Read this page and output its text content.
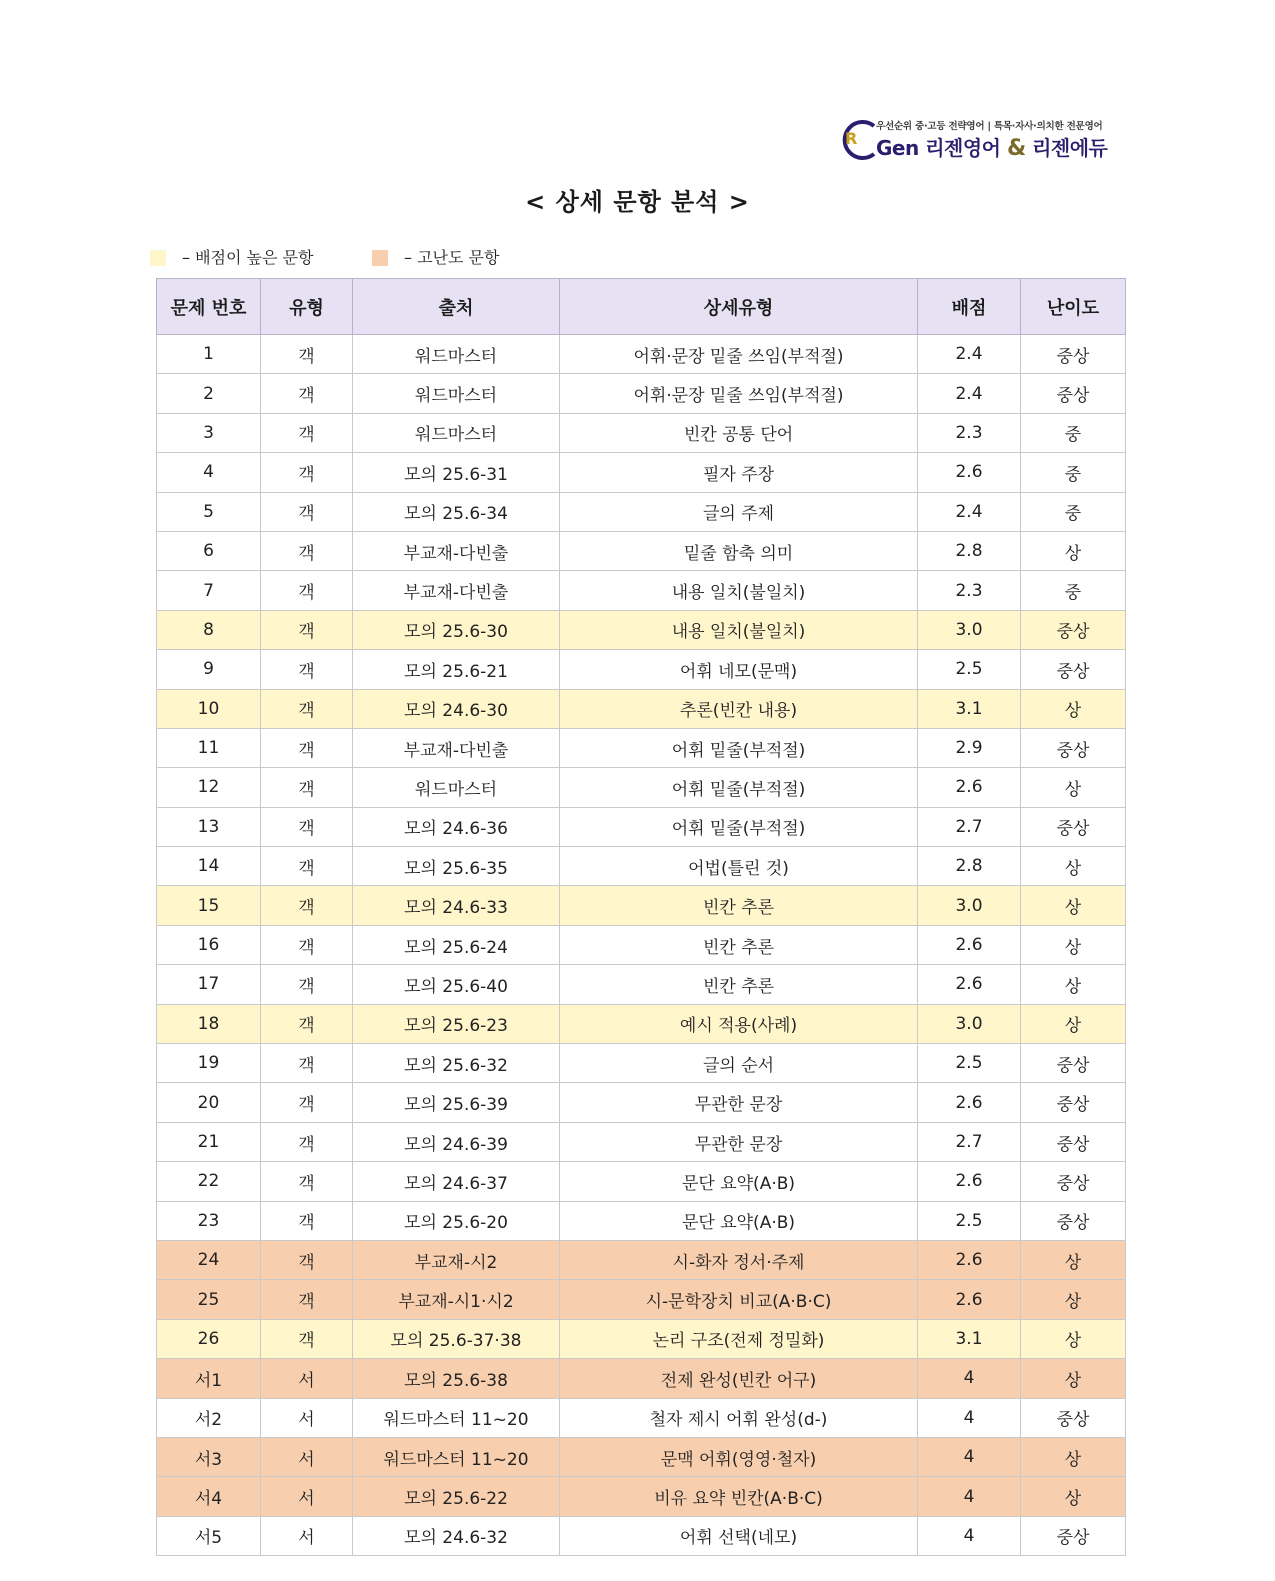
R
우선순위 중·고등 전략영어 | 특목·자사·의치한 전문영어
Gen 리젠영어 & 리젠에듀
< 상세 문항 분석 >
– 배점이 높은 문항	– 고난도 문항
문제 번호	유형	출처	상세유형	배점	난이도
1	객	워드마스터	어휘·문장 밑줄 쓰임(부적절)	2.4	중상
2	객	워드마스터	어휘·문장 밑줄 쓰임(부적절)	2.4	중상
3	객	워드마스터	빈칸 공통 단어	2.3	중
4	객	모의 25.6-31	필자 주장	2.6	중
5	객	모의 25.6-34	글의 주제	2.4	중
6	객	부교재-다빈출	밑줄 함축 의미	2.8	상
7	객	부교재-다빈출	내용 일치(불일치)	2.3	중
8	객	모의 25.6-30	내용 일치(불일치)	3.0	중상
9	객	모의 25.6-21	어휘 네모(문맥)	2.5	중상
10	객	모의 24.6-30	추론(빈칸 내용)	3.1	상
11	객	부교재-다빈출	어휘 밑줄(부적절)	2.9	중상
12	객	워드마스터	어휘 밑줄(부적절)	2.6	상
13	객	모의 24.6-36	어휘 밑줄(부적절)	2.7	중상
14	객	모의 25.6-35	어법(틀린 것)	2.8	상
15	객	모의 24.6-33	빈칸 추론	3.0	상
16	객	모의 25.6-24	빈칸 추론	2.6	상
17	객	모의 25.6-40	빈칸 추론	2.6	상
18	객	모의 25.6-23	예시 적용(사례)	3.0	상
19	객	모의 25.6-32	글의 순서	2.5	중상
20	객	모의 25.6-39	무관한 문장	2.6	중상
21	객	모의 24.6-39	무관한 문장	2.7	중상
22	객	모의 24.6-37	문단 요약(A·B)	2.6	중상
23	객	모의 25.6-20	문단 요약(A·B)	2.5	중상
24	객	부교재-시2	시-화자 정서·주제	2.6	상
25	객	부교재-시1·시2	시-문학장치 비교(A·B·C)	2.6	상
26	객	모의 25.6-37·38	논리 구조(전제 정밀화)	3.1	상
서1	서	모의 25.6-38	전제 완성(빈칸 어구)	4	상
서2	서	워드마스터 11~20	철자 제시 어휘 완성(d-)	4	중상
서3	서	워드마스터 11~20	문맥 어휘(영영·철자)	4	상
서4	서	모의 25.6-22	비유 요약 빈칸(A·B·C)	4	상
서5	서	모의 24.6-32	어휘 선택(네모)	4	중상
